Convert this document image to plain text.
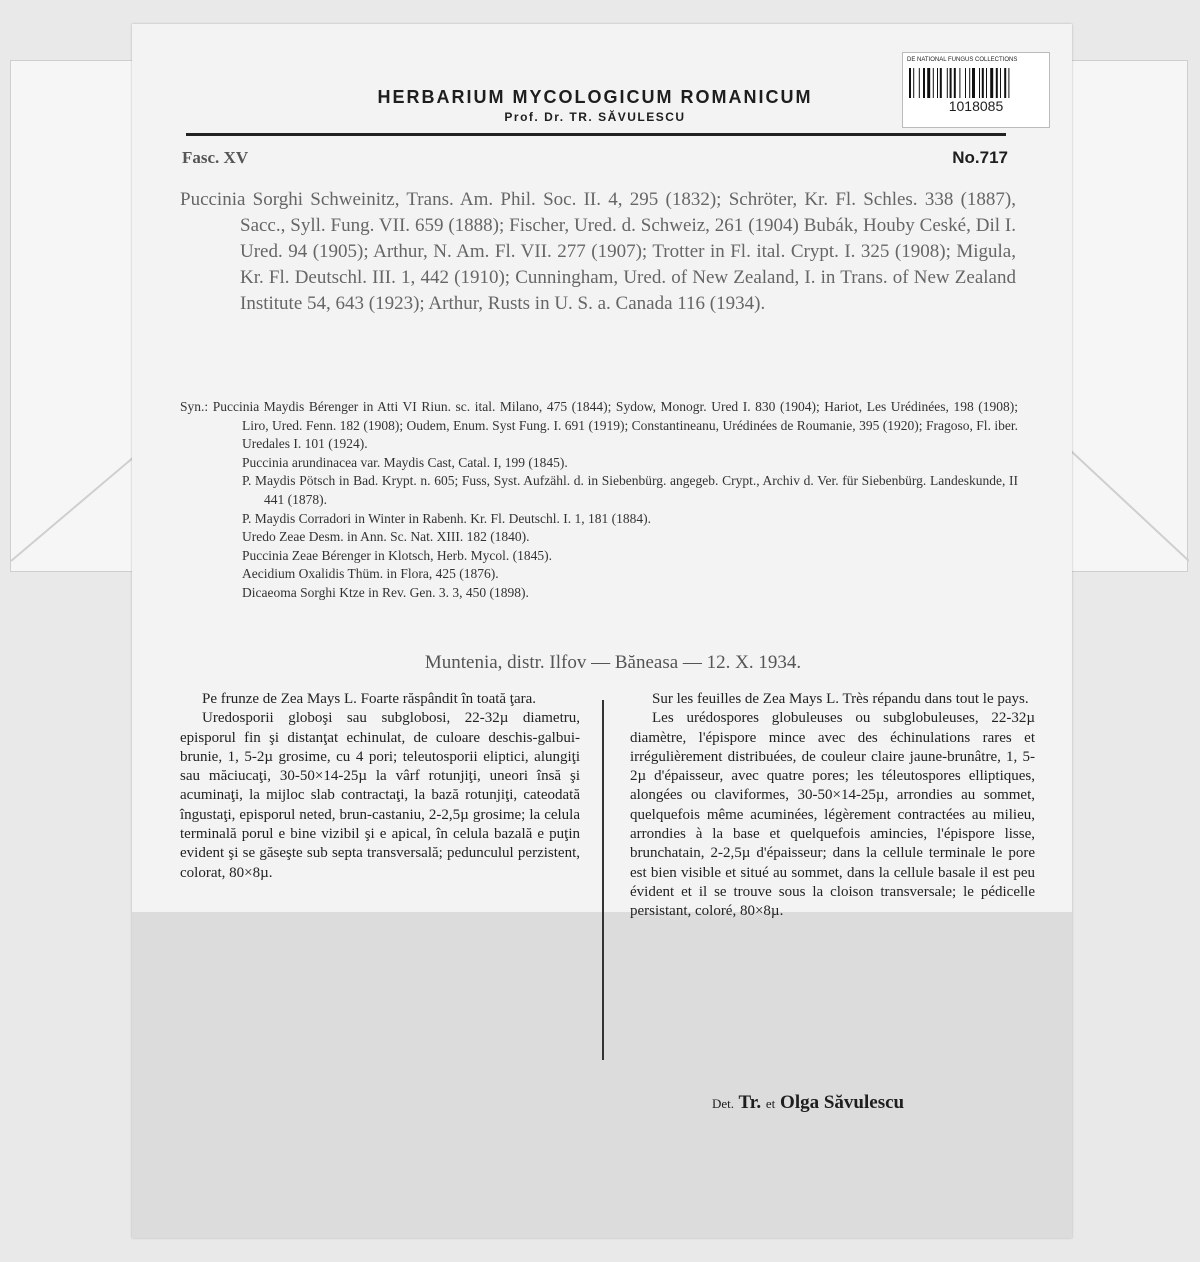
DE NATIONAL FUNGUS COLLECTIONS
1018085
HERBARIUM MYCOLOGICUM ROMANICUM
Prof. Dr. TR. SĂVULESCU
Fasc. XV	No.717

Puccinia Sorghi Schweinitz, Trans. Am. Phil. Soc. II. 4, 295 (1832); Schröter, Kr. Fl. Schles. 338 (1887), Sacc., Syll. Fung. VII. 659 (1888); Fischer, Ured. d. Schweiz, 261 (1904) Bubák, Houby Ceské, Dil I. Ured. 94 (1905); Arthur, N. Am. Fl. VII. 277 (1907); Trotter in Fl. ital. Crypt. I. 325 (1908); Migula, Kr. Fl. Deutschl. III. 1, 442 (1910); Cunningham, Ured. of New Zealand, I. in Trans. of New Zealand Institute 54, 643 (1923); Arthur, Rusts in U. S. a. Canada 116 (1934).

Syn.: Puccinia Maydis Bérenger in Atti VI Riun. sc. ital. Milano, 475 (1844); Sydow, Monogr. Ured I. 830 (1904); Hariot, Les Urédinées, 198 (1908); Liro, Ured. Fenn. 182 (1908); Oudem, Enum. Syst Fung. I. 691 (1919); Constantineanu, Urédinées de Roumanie, 395 (1920); Fragoso, Fl. iber. Uredales I. 101 (1924).

Puccinia arundinacea var. Maydis Cast, Catal. I, 199 (1845).

P. Maydis Pötsch in Bad. Krypt. n. 605; Fuss, Syst. Aufzähl. d. in Siebenbürg. angegeb. Crypt., Archiv d. Ver. für Siebenbürg. Landeskunde, II 441 (1878).

P. Maydis Corradori in Winter in Rabenh. Kr. Fl. Deutschl. I. 1, 181 (1884).

Uredo Zeae Desm. in Ann. Sc. Nat. XIII. 182 (1840).

Puccinia Zeae Bérenger in Klotsch, Herb. Mycol. (1845).

Aecidium Oxalidis Thüm. in Flora, 425 (1876).

Dicaeoma Sorghi Ktze in Rev. Gen. 3. 3, 450 (1898).

Muntenia, distr. Ilfov — Băneasa — 12. X. 1934.

Pe frunze de Zea Mays L. Foarte răspândit în toată ţara.

Uredosporii globoşi sau subglobosi, 22-32µ diametru, episporul fin şi distanţat echinulat, de culoare deschis-galbui-brunie, 1, 5-2µ grosime, cu 4 pori; teleutosporii eliptici, alungiţi sau măciucaţi, 30-50×14-25µ la vârf rotunjiţi, uneori însă şi acuminaţi, la mijloc slab contractaţi, la bază rotunjiţi, cateodată îngustaţi, episporul neted, brun-castaniu, 2-2,5µ grosime; la celula terminală porul e bine vizibil şi e apical, în celula bazală e puţin evident şi se găseşte sub septa transversală; pedunculul perzistent, colorat, 80×8µ.

Sur les feuilles de Zea Mays L. Très répandu dans tout le pays.

Les urédospores globuleuses ou subglobuleuses, 22-32µ diamètre, l'épispore mince avec des échinulations rares et irrégulièrement distribuées, de couleur claire jaune-brunâtre, 1, 5-2µ d'épaisseur, avec quatre pores; les téleutospores elliptiques, alongées ou claviformes, 30-50×14-25µ, arrondies au sommet, quelquefois même acuminées, légèrement contractées au milieu, arrondies à la base et quelquefois amincies, l'épispore lisse, brunchatain, 2-2,5µ d'épaisseur; dans la cellule terminale le pore est bien visible et situé au sommet, dans la cellule basale il est peu évident et il se trouve sous la cloison transversale; le pédicelle persistant, coloré, 80×8µ.

Det. Tr. et Olga Săvulescu
